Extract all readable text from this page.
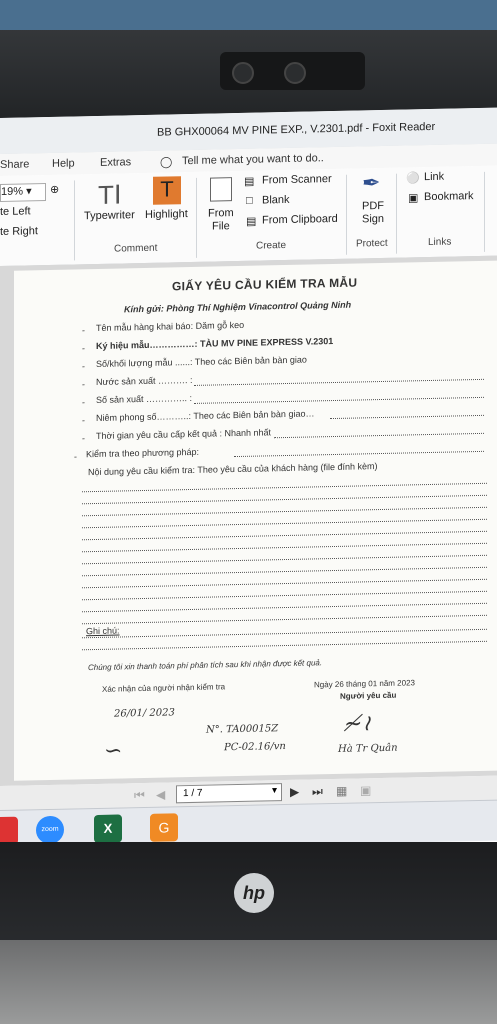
BB GHX00064 MV PINE EXP., V.2301.pdf - Foxit Reader
Share Help Extras	◯ Tell me what you want to do..
19% ▾	⊕
te Left
te Right
TⅠ
Typewriter
T
Highlight
Comment
From
File
▤ From Scanner
□ Blank
▤ From Clipboard
Create
✒
PDF
Sign
Protect
⚪ Link
▣ Bookmark
Links
GIẤY YÊU CẦU KIỂM TRA MẪU
Kính gửi: Phòng Thí Nghiệm Vinacontrol Quảng Ninh
- Tên mẫu hàng khai báo: Dăm gỗ keo
- Ký hiệu mẫu……………: TÀU MV PINE EXPRESS V.2301
- Số/khối lượng mẫu ......: Theo các Biên bản bàn giao
- Nước sản xuất ………. :
- Số sản xuất ………….. :
- Niêm phong số………..: Theo các Biên bản bàn giao…
- Thời gian yêu cầu cấp kết quả : Nhanh nhất
- Kiểm tra theo phương pháp:
Nội dung yêu cầu kiểm tra: Theo yêu cầu của khách hàng (file đính kèm)
Ghi chú:
Chúng tôi xin thanh toán phí phân tích sau khi nhận được kết quả.
Xác nhận của người nhận kiểm tra	Ngày 26 tháng 01 năm 2023
Người yêu cầu
26/01/ 2023
N°. TA00015Z
PC-02.16/vn
∽
≁≀
Hà Tr Quân
⏮ ◀ 1 / 7	▾ ▶ ⏭ ▦ ▣
zoom	X	G
hp
